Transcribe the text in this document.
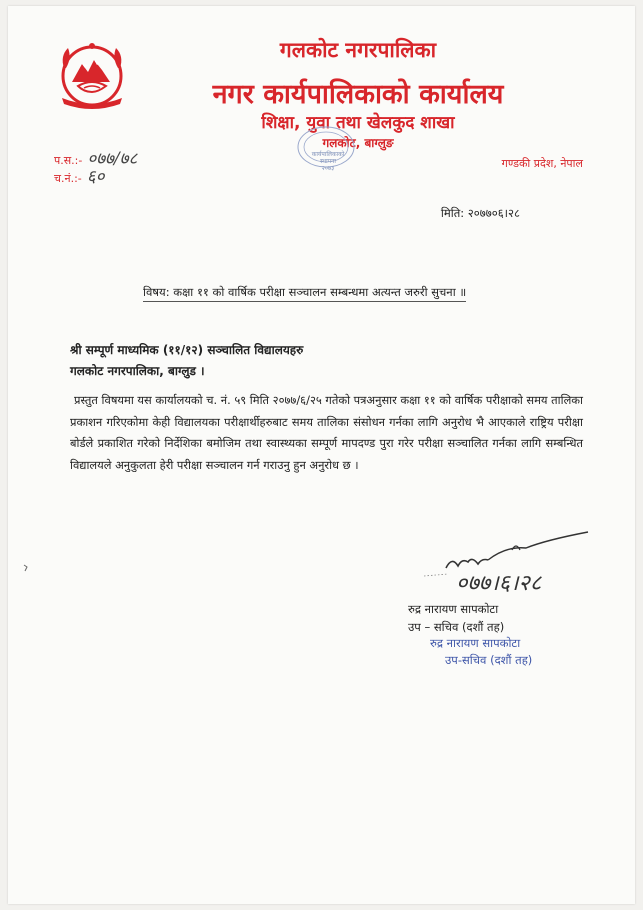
गलकोट नगरपालिका
नगर कार्यपालिकाको कार्यालय
शिक्षा, युवा तथा खेलकुद शाखा
गलकोट, बाग्लुङ
कार्यपालिकाको
स्थापना
२०७३
प.स.:- ०७७/७८
च.नं.:- ६०
गण्डकी प्रदेश, नेपाल
मिति: २०७७०६।२८
विषय: कक्षा ११ को वार्षिक परीक्षा सञ्चालन सम्बन्धमा अत्यन्त जरुरी सुचना ॥
श्री सम्पूर्ण माध्यमिक (११/१२) सञ्चालित विद्यालयहरु
गलकोट नगरपालिका, बाग्लुड ।
प्रस्तुत विषयमा यस कार्यालयको च. नं. ५९ मिति २०७७/६/२५ गतेको पत्रअनुसार कक्षा ११ को वार्षिक परीक्षाको समय तालिका प्रकाशन गरिएकोमा केही विद्यालयका परीक्षार्थीहरुबाट समय तालिका संसोधन गर्नका लागि अनुरोध भै आएकाले राष्ट्रिय परीक्षा बोर्डले प्रकाशित गरेको निर्देशिका बमोजिम तथा स्वास्थ्यका सम्पूर्ण मापदण्ड पुरा गरेर परीक्षा सञ्चालित गर्नका लागि सम्बन्धित विद्यालयले अनुकुलता हेरी परीक्षा सञ्चालन गर्न गराउनु हुन अनुरोध छ ।
०७७।६।२८
रुद्र नारायण सापकोटा
उप – सचिव (दशौं तह)
रुद्र नारायण सापकोटा
उप-सचिव (दशौं तह)
